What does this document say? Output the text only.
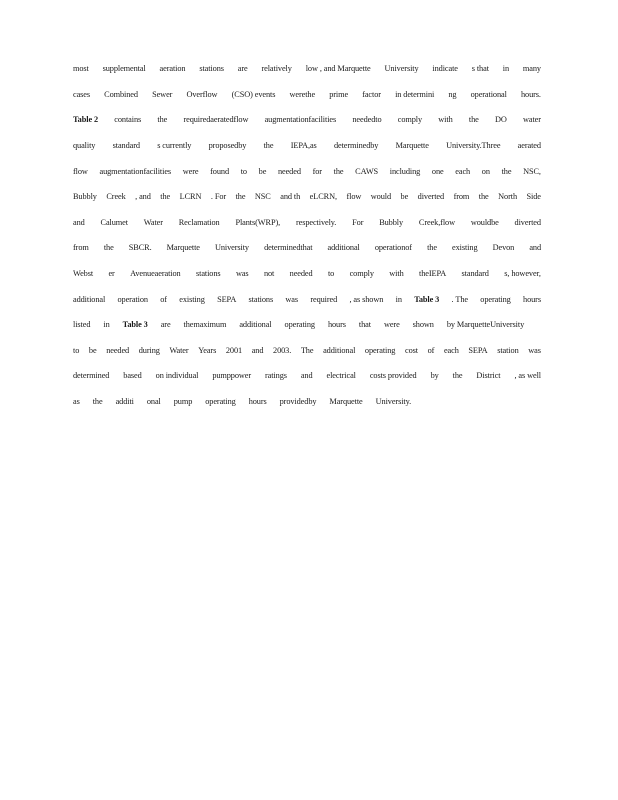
most supplemental aeration stations are relatively low , and Marquette University indicate s that in many
cases Combined Sewer Overflow (CSO) events werethe prime factor in determini ng operational hours.
Table 2 contains the requiredaeratedflow augmentationfacilities neededto comply with the DO water
quality standard s currently proposedby the IEPA,as determinedby Marquette University.Three aerated
flow augmentationfacilities were found to be needed for the CAWS including one each on the NSC,
Bubbly Creek , and the LCRN . For the NSC and th eLCRN, flow would be diverted from the North Side
and Calumet Water Reclamation Plants(WRP), respectively. For Bubbly Creek,flow wouldbe diverted
from the SBCR. Marquette University determinedthat additional operationof the existing Devon and
Webst er Avenueaeration stations was not needed to comply with theIEPA standard s, however,
additional operation of existing SEPA stations was required , as shown in Table 3 . The operating hours
listed in Table 3 are themaximum additional operating hours that were shown by MarquetteUniversity
to be needed during Water Years 2001 and 2003. The additional operating cost of each SEPA station was
determined based on individual pumppower ratings and electrical costs provided by the District , as well
as the additi onal pump operating hours providedby Marquette University.
